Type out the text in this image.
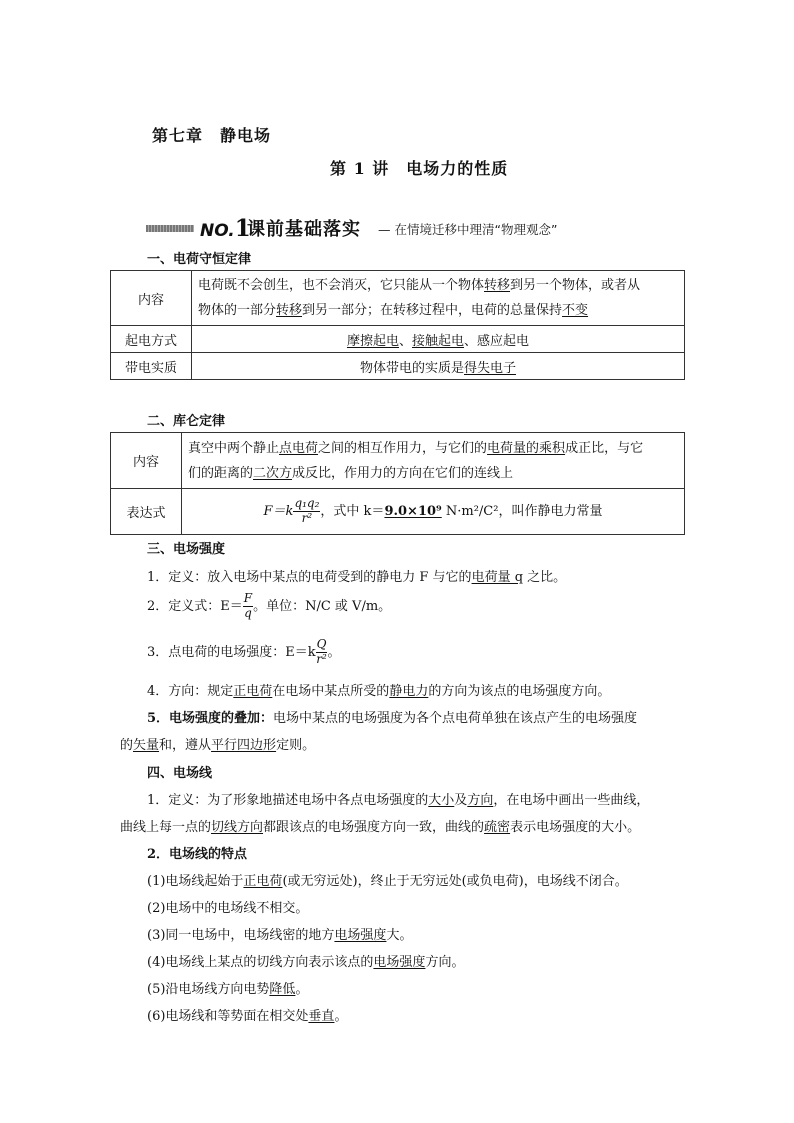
第七章　静电场
第 1 讲　电场力的性质
NO.1
课前基础落实 — 在情境迁移中理清“物理观念”
一、电荷守恒定律
内容	电荷既不会创生，也不会消灭，它只能从一个物体转移到另一个物体，或者从
物体的一部分转移到另一部分；在转移过程中，电荷的总量保持不变
起电方式	摩擦起电、接触起电、感应起电
带电实质	物体带电的实质是得失电子
二、库仑定律
内容	真空中两个静止点电荷之间的相互作用力，与它们的电荷量的乘积成正比，与它
们的距离的二次方成反比，作用力的方向在它们的连线上
表达式	$F=k \frac{\text{q₁q₂}}{\text{r²}}$ ，式中 k＝9.0×10⁹ N·m²/C²，叫作静电力常量
三、电场强度
1．定义：放入电场中某点的电荷受到的静电力 F 与它的电荷量 q 之比。
2．定义式：$E= \frac{F}{q}$ 。单位：N/C 或 V/m。
3．点电荷的电场强度：$E=k \frac{Q}{\text{r²}}$ 。
4．方向：规定正电荷在电场中某点所受的静电力的方向为该点的电场强度方向。
5．电场强度的叠加：电场中某点的电场强度为各个点电荷单独在该点产生的电场强度
的矢量和，遵从平行四边形定则。
四、电场线
1．定义：为了形象地描述电场中各点电场强度的大小及方向，在电场中画出一些曲线，
曲线上每一点的切线方向都跟该点的电场强度方向一致，曲线的疏密表示电场强度的大小。
2．电场线的特点
(1)电场线起始于正电荷(或无穷远处)，终止于无穷远处(或负电荷)，电场线不闭合。
(2)电场中的电场线不相交。
(3)同一电场中，电场线密的地方电场强度大。
(4)电场线上某点的切线方向表示该点的电场强度方向。
(5)沿电场线方向电势降低。
(6)电场线和等势面在相交处垂直。
